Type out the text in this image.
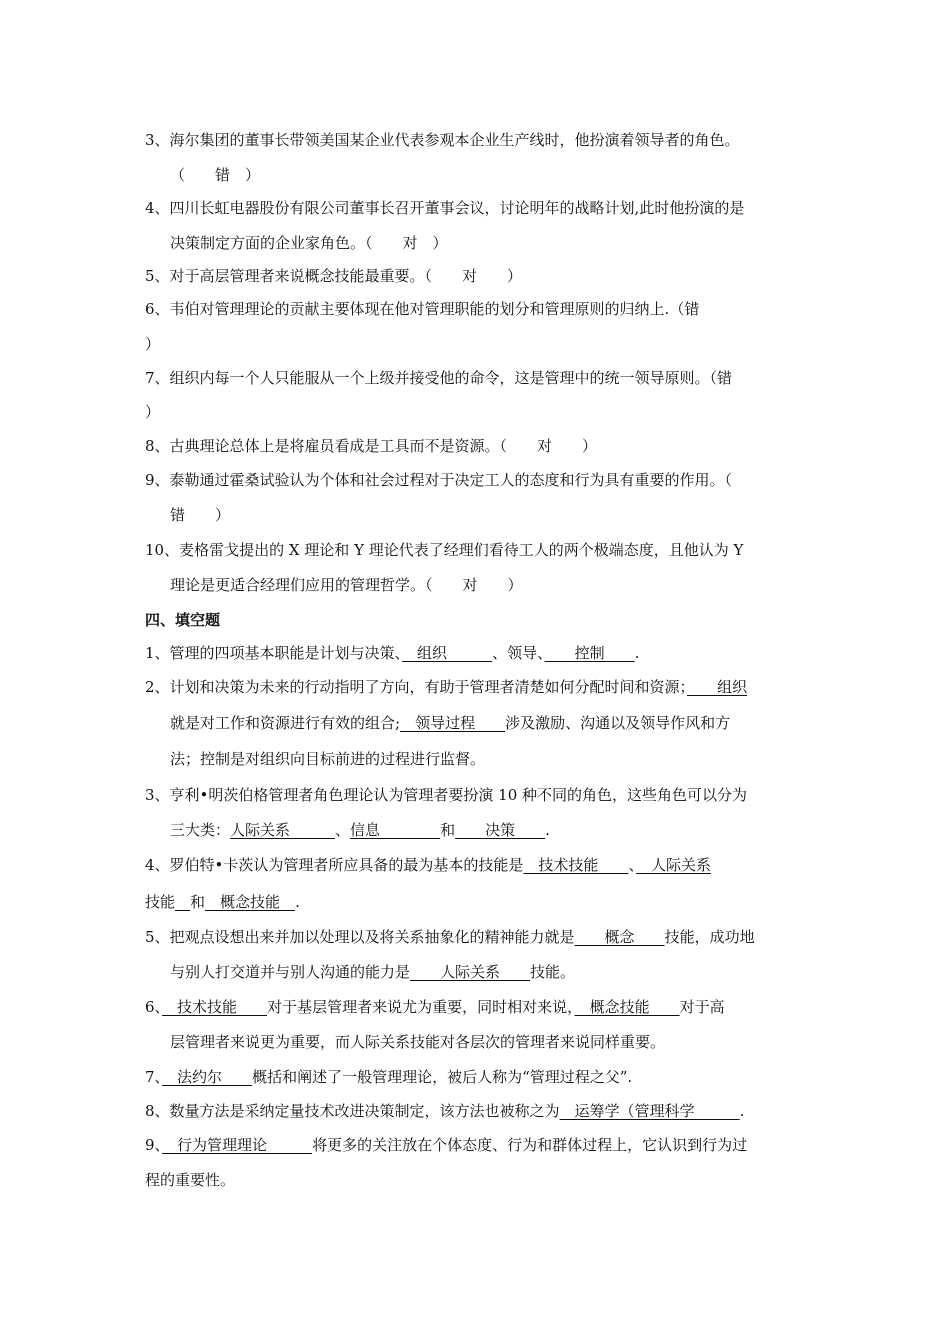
3、海尔集团的董事长带领美国某企业代表参观本企业生产线时，他扮演着领导者的角色。
（　　错　）
4、四川长虹电器股份有限公司董事长召开董事会议，讨论明年的战略计划,此时他扮演的是
决策制定方面的企业家角色。（　　对　）
5、对于高层管理者来说概念技能最重要。（　　对　　）
6、韦伯对管理理论的贡献主要体现在他对管理职能的划分和管理原则的归纳上.（错
）
7、组织内每一个人只能服从一个上级并接受他的命令，这是管理中的统一领导原则。（错
）
8、古典理论总体上是将雇员看成是工具而不是资源。（　　对　　）
9、泰勒通过霍桑试验认为个体和社会过程对于决定工人的态度和行为具有重要的作用。（
错　　）
10、麦格雷戈提出的 X 理论和 Y 理论代表了经理们看待工人的两个极端态度，且他认为 Y
理论是更适合经理们应用的管理哲学。（　　对　　）
四、填空题
1、管理的四项基本职能是计划与决策、　组织　　　、领导、　　控制　　.
2、计划和决策为未来的行动指明了方向，有助于管理者清楚如何分配时间和资源；　　组织
就是对工作和资源进行有效的组合;　领导过程　　涉及激励、沟通以及领导作风和方
法；控制是对组织向目标前进的过程进行监督。
3、亨利•明茨伯格管理者角色理论认为管理者要扮演 10 种不同的角色，这些角色可以分为
三大类：人际关系　　　、信息　　　　和　　决策　　.
4、罗伯特•卡茨认为管理者所应具备的最为基本的技能是　技术技能　　、　人际关系
技能　 和　概念技能　.
5、把观点设想出来并加以处理以及将关系抽象化的精神能力就是　　概念　　技能，成功地
与别人打交道并与别人沟通的能力是　　人际关系　　技能。
6、　技术技能　　对于基层管理者来说尤为重要，同时相对来说，　概念技能　　对于高
层管理者来说更为重要，而人际关系技能对各层次的管理者来说同样重要。
7、　法约尔　　概括和阐述了一般管理理论，被后人称为“管理过程之父”.
8、数量方法是采纳定量技术改进决策制定，该方法也被称之为　运筹学（管理科学　　　.
9、　行为管理理论　　　将更多的关注放在个体态度、行为和群体过程上，它认识到行为过
程的重要性。
